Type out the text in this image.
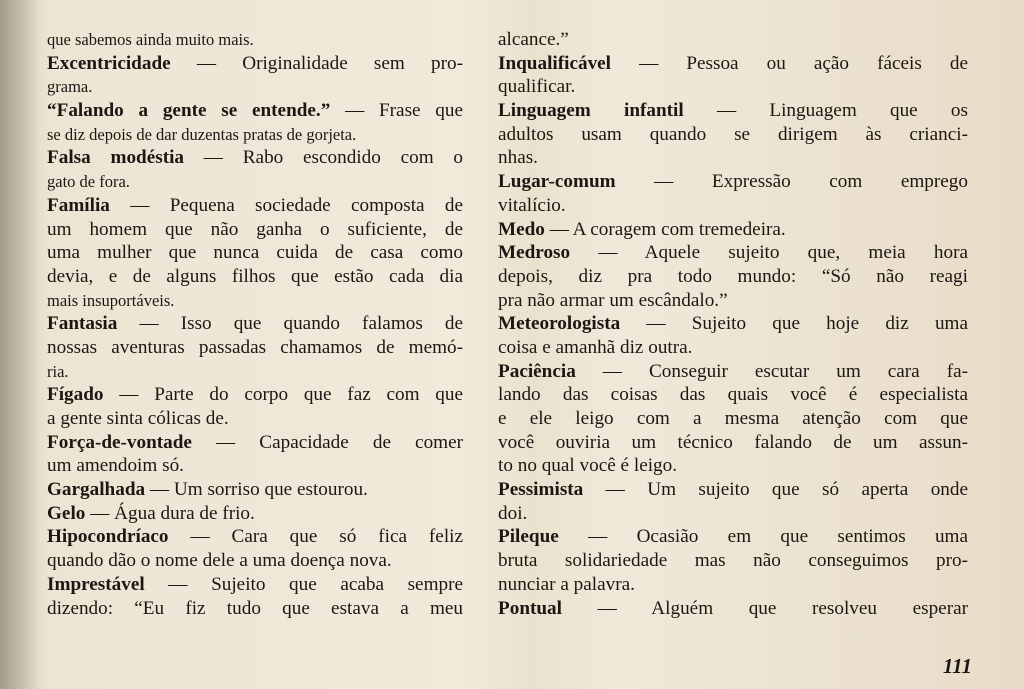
que sabemos ainda muito mais.
Excentricidade — Originalidade sem pro-
grama.
“Falando a gente se entende.” — Frase que
se diz depois de dar duzentas pratas de gorjeta.
Falsa modéstia — Rabo escondido com o
gato de fora.
Família — Pequena sociedade composta de
um homem que não ganha o suficiente, de
uma mulher que nunca cuida de casa como
devia, e de alguns filhos que estão cada dia
mais insuportáveis.
Fantasia — Isso que quando falamos de
nossas aventuras passadas chamamos de memó-
ria.
Fígado — Parte do corpo que faz com que
a gente sinta cólicas de.
Força-de-vontade — Capacidade de comer
um amendoim só.
Gargalhada — Um sorriso que estourou.
Gelo — Água dura de frio.
Hipocondríaco — Cara que só fica feliz
quando dão o nome dele a uma doença nova.
Imprestável — Sujeito que acaba sempre
dizendo: “Eu fiz tudo que estava a meu
alcance.”
Inqualificável — Pessoa ou ação fáceis de
qualificar.
Linguagem infantil — Linguagem que os
adultos usam quando se dirigem às crianci-
nhas.
Lugar-comum — Expressão com emprego
vitalício.
Medo — A coragem com tremedeira.
Medroso — Aquele sujeito que, meia hora
depois, diz pra todo mundo: “Só não reagi
pra não armar um escândalo.”
Meteorologista — Sujeito que hoje diz uma
coisa e amanhã diz outra.
Paciência — Conseguir escutar um cara fa-
lando das coisas das quais você é especialista
e ele leigo com a mesma atenção com que
você ouviria um técnico falando de um assun-
to no qual você é leigo.
Pessimista — Um sujeito que só aperta onde
doi.
Pileque — Ocasião em que sentimos uma
bruta solidariedade mas não conseguimos pro-
nunciar a palavra.
Pontual — Alguém que resolveu esperar
111
